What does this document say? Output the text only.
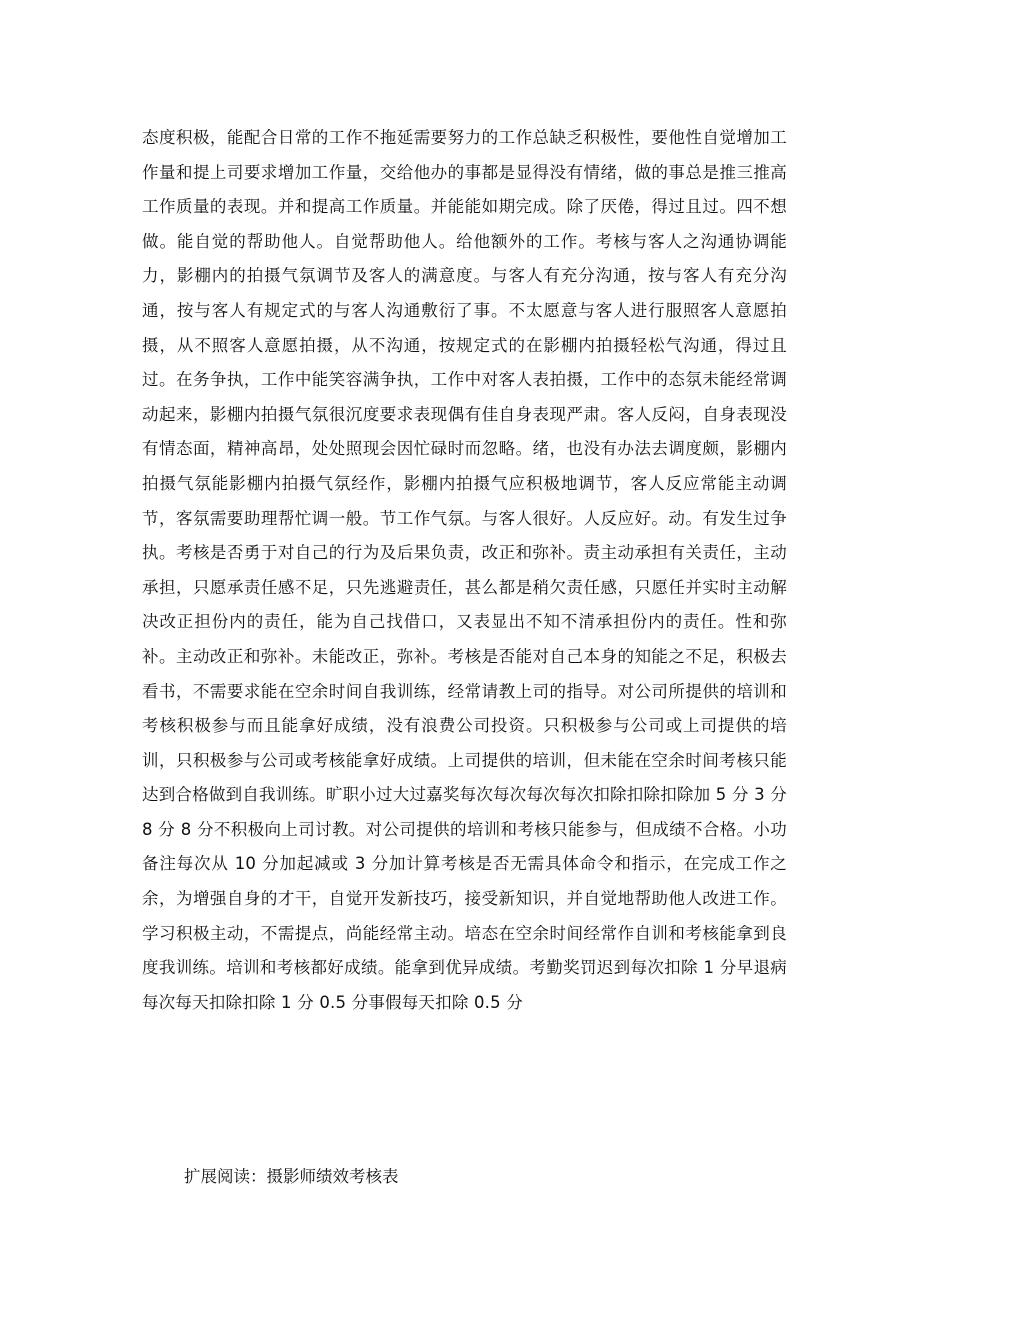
态度积极，能配合日常的工作不拖延需要努力的工作总缺乏积极性，要他性自觉增加工作量和提上司要求增加工作量，交给他办的事都是显得没有情绪，做的事总是推三推高工作质量的表现。并和提高工作质量。并能能如期完成。除了厌倦，得过且过。四不想做。能自觉的帮助他人。自觉帮助他人。给他额外的工作。考核与客人之沟通协调能力，影棚内的拍摄气氛调节及客人的满意度。与客人有充分沟通，按与客人有充分沟通，按与客人有规定式的与客人沟通敷衍了事。不太愿意与客人进行服照客人意愿拍摄，从不照客人意愿拍摄，从不沟通，按规定式的在影棚内拍摄轻松气沟通，得过且过。在务争执，工作中能笑容满争执，工作中对客人表拍摄，工作中的态氛未能经常调动起来，影棚内拍摄气氛很沉度要求表现偶有佳自身表现严肃。客人反闷，自身表现没有情态面，精神高昂，处处照现会因忙碌时而忽略。绪，也没有办法去调度颇，影棚内拍摄气氛能影棚内拍摄气氛经作，影棚内拍摄气应积极地调节，客人反应常能主动调节，客氛需要助理帮忙调一般。节工作气氛。与客人很好。人反应好。动。有发生过争执。考核是否勇于对自己的行为及后果负责，改正和弥补。责主动承担有关责任，主动承担，只愿承责任感不足，只先逃避责任，甚么都是稍欠责任感，只愿任并实时主动解决改正担份内的责任，能为自己找借口，又表显出不知不清承担份内的责任。性和弥补。主动改正和弥补。未能改正，弥补。考核是否能对自己本身的知能之不足，积极去看书，不需要求能在空余时间自我训练，经常请教上司的指导。对公司所提供的培训和考核积极参与而且能拿好成绩，没有浪费公司投资。只积极参与公司或上司提供的培训，只积极参与公司或考核能拿好成绩。上司提供的培训，但未能在空余时间考核只能达到合格做到自我训练。旷职小过大过嘉奖每次每次每次每次扣除扣除扣除加 5 分 3 分 8 分 8 分不积极向上司讨教。对公司提供的培训和考核只能参与，但成绩不合格。小功备注每次从 10 分加起减或 3 分加计算考核是否无需具体命令和指示，在完成工作之余，为增强自身的才干，自觉开发新技巧，接受新知识，并自觉地帮助他人改进工作。学习积极主动，不需提点，尚能经常主动。培态在空余时间经常作自训和考核能拿到良度我训练。培训和考核都好成绩。能拿到优异成绩。考勤奖罚迟到每次扣除 1 分早退病每次每天扣除扣除 1 分 0.5 分事假每天扣除 0.5 分

扩展阅读：摄影师绩效考核表
